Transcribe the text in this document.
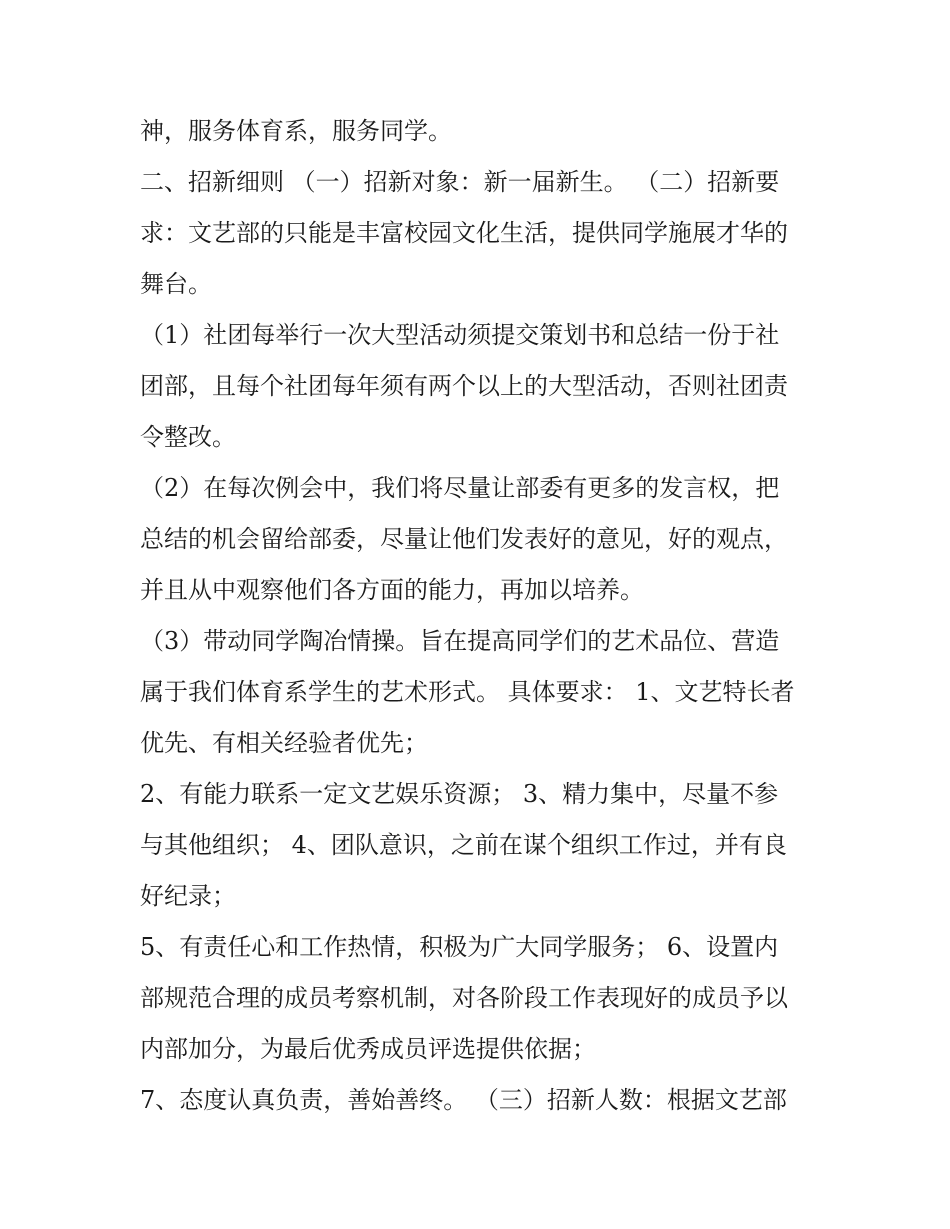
神，服务体育系，服务同学。
二、招新细则 （一）招新对象：新一届新生。 （二）招新要
求：文艺部的只能是丰富校园文化生活，提供同学施展才华的
舞台。
（1）社团每举行一次大型活动须提交策划书和总结一份于社
团部，且每个社团每年须有两个以上的大型活动，否则社团责
令整改。
（2）在每次例会中，我们将尽量让部委有更多的发言权，把
总结的机会留给部委，尽量让他们发表好的意见，好的观点，
并且从中观察他们各方面的能力，再加以培养。
（3）带动同学陶冶情操。旨在提高同学们的艺术品位、营造
属于我们体育系学生的艺术形式。 具体要求： 1、文艺特长者
优先、有相关经验者优先；
2、有能力联系一定文艺娱乐资源； 3、精力集中，尽量不参
与其他组织； 4、团队意识，之前在谋个组织工作过，并有良
好纪录；
5、有责任心和工作热情，积极为广大同学服务； 6、设置内
部规范合理的成员考察机制，对各阶段工作表现好的成员予以
内部加分，为最后优秀成员评选提供依据；
7、态度认真负责，善始善终。 （三）招新人数：根据文艺部
